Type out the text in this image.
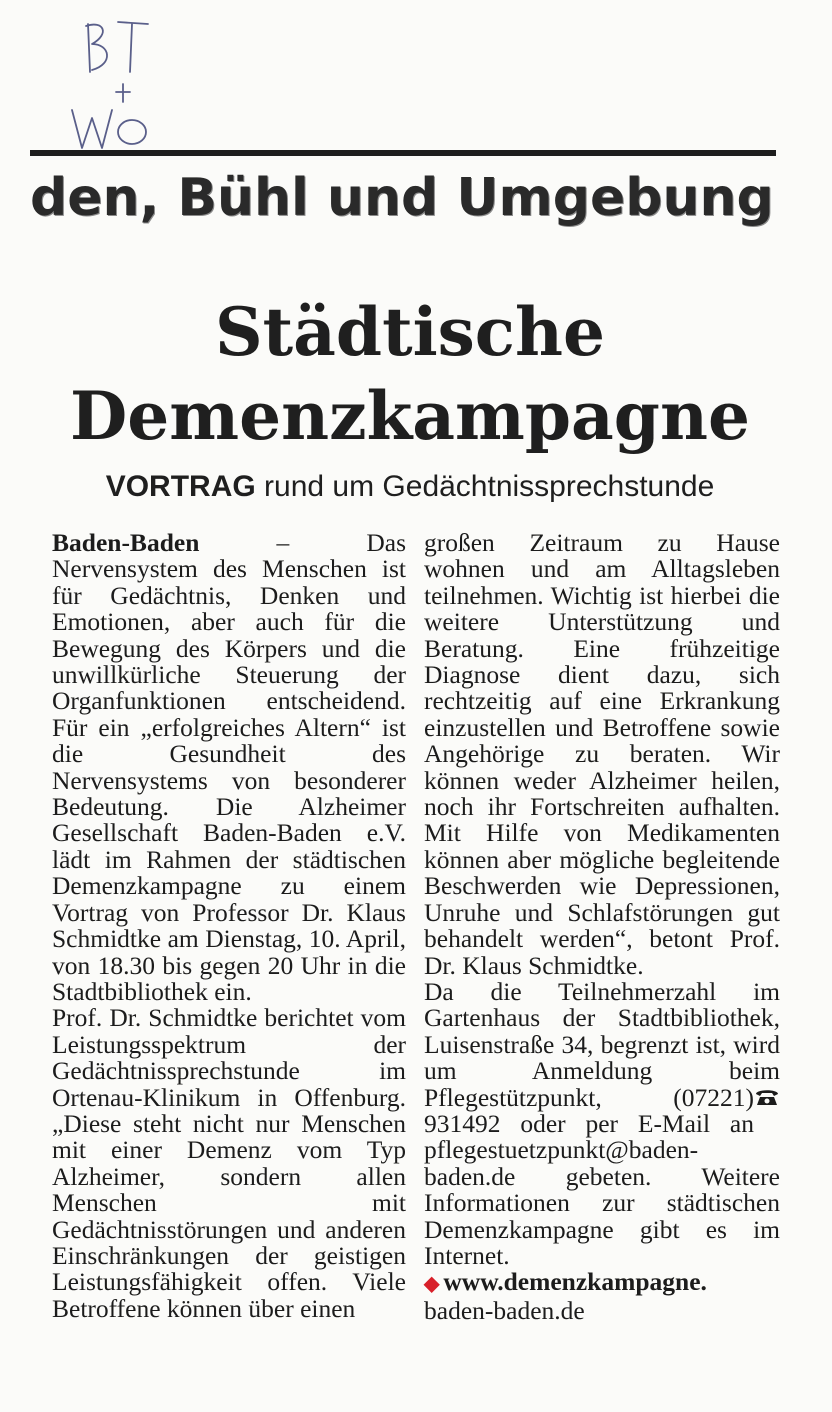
den, Bühl und Umgebung
Städtische
Demenzkampagne
VORTRAG rund um Gedächtnissprechstunde

Baden-Baden	– Das Nervensystem des Menschen ist für Gedächtnis, Denken und Emotionen, aber auch für die Bewegung des Körpers und die unwillkürliche Steuerung der Organfunktionen entscheidend. Für ein „erfolgreiches Altern“ ist die Gesundheit des Nervensystems von besonderer Bedeutung. Die Alzheimer Gesellschaft Baden-Baden e.V. lädt im Rahmen der städtischen Demenzkampagne zu einem Vortrag von Professor Dr. Klaus Schmidtke am Dienstag, 10. April, von 18.30 bis gegen 20 Uhr in die Stadtbibliothek ein.

Prof. Dr. Schmidtke berichtet vom Leistungsspektrum der Gedächtnissprechstunde im Ortenau-Klinikum in Offenburg. „Diese steht nicht nur Menschen mit einer Demenz vom Typ Alzheimer, sondern allen Menschen mit Gedächtnisstörungen und anderen Einschränkungen der geistigen Leistungsfähigkeit offen. Viele Betroffene können über einen

großen Zeitraum zu Hause wohnen und am Alltagsleben teilnehmen. Wichtig ist hierbei die weitere Unterstützung und Beratung. Eine frühzeitige Diagnose dient dazu, sich rechtzeitig auf eine Erkrankung einzustellen und Betroffene sowie Angehörige zu beraten. Wir können weder Alzheimer heilen, noch ihr Fortschreiten aufhalten. Mit Hilfe von Medikamenten können aber mögliche begleitende Beschwerden wie Depressionen, Unruhe und Schlafstörungen gut behandelt werden“, betont Prof. Dr. Klaus Schmidtke.

Da die Teilnehmerzahl im Gartenhaus der Stadtbibliothek, Luisenstraße 34, begrenzt ist, wird um Anmeldung beim Pflegestützpunkt,	(07221) 931492 oder per E-Mail an pflegestuetzpunkt@baden-baden.de gebeten. Weitere Informationen zur städtischen Demenzkampagne gibt es im Internet.

◆ www.demenzkampagne.
baden-baden.de
